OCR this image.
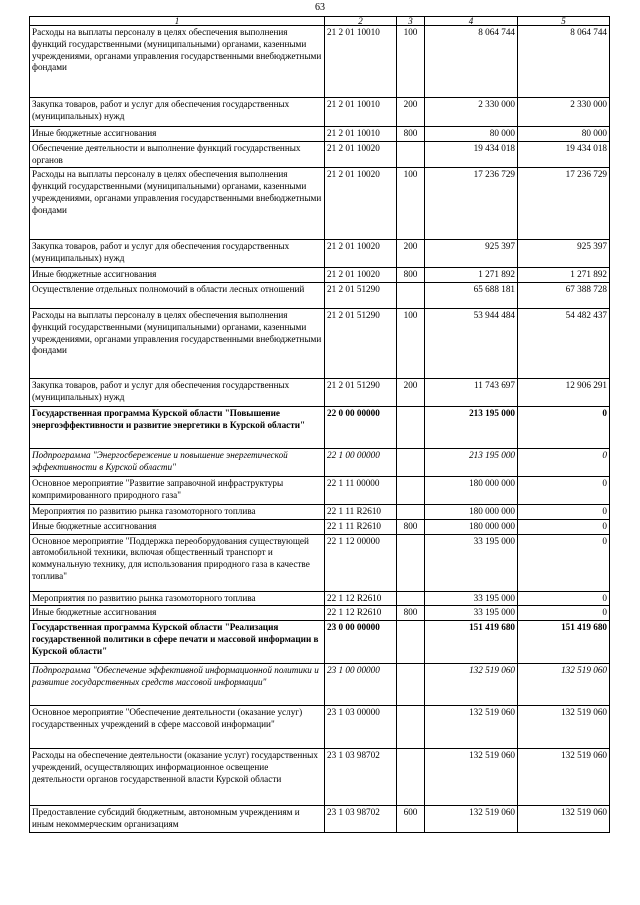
63
1	2	3	4	5
Расходы на выплаты персоналу в целях обеспечения выполнения функций государственными (муниципальными) органами, казенными учреждениями, органами управления государственными внебюджетными фондами	21 2 01 10010	100	8 064 744	8 064 744
Закупка товаров, работ и услуг для обеспечения государственных (муниципальных) нужд	21 2 01 10010	200	2 330 000	2 330 000
Иные бюджетные ассигнования	21 2 01 10010	800	80 000	80 000
Обеспечение деятельности и выполнение функций государственных органов	21 2 01 10020		19 434 018	19 434 018
Расходы на выплаты персоналу в целях обеспечения выполнения функций государственными (муниципальными) органами, казенными учреждениями, органами управления государственными внебюджетными фондами	21 2 01 10020	100	17 236 729	17 236 729
Закупка товаров, работ и услуг для обеспечения государственных (муниципальных) нужд	21 2 01 10020	200	925 397	925 397
Иные бюджетные ассигнования	21 2 01 10020	800	1 271 892	1 271 892
Осуществление отдельных полномочий в области лесных отношений	21 2 01 51290		65 688 181	67 388 728
Расходы на выплаты персоналу в целях обеспечения выполнения функций государственными (муниципальными) органами, казенными учреждениями, органами управления государственными внебюджетными фондами	21 2 01 51290	100	53 944 484	54 482 437
Закупка товаров, работ и услуг для обеспечения государственных (муниципальных) нужд	21 2 01 51290	200	11 743 697	12 906 291
Государственная программа Курской области "Повышение энергоэффективности и развитие энергетики в Курской области"	22 0 00 00000		213 195 000	0
Подпрограмма "Энергосбережение и повышение энергетической эффективности в Курской области"	22 1 00 00000		213 195 000	0
Основное мероприятие "Развитие заправочной инфраструктуры компримированного природного газа"	22 1 11 00000		180 000 000	0
Мероприятия по развитию рынка газомоторного топлива	22 1 11 R2610		180 000 000	0
Иные бюджетные ассигнования	22 1 11 R2610	800	180 000 000	0
Основное мероприятие "Поддержка переоборудования существующей автомобильной техники, включая общественный транспорт и коммунальную технику, для использования природного газа в качестве топлива"	22 1 12 00000		33 195 000	0
Мероприятия по развитию рынка газомоторного топлива	22 1 12 R2610		33 195 000	0
Иные бюджетные ассигнования	22 1 12 R2610	800	33 195 000	0
Государственная программа Курской области "Реализация государственной политики в сфере печати и массовой информации в Курской области"	23 0 00 00000		151 419 680	151 419 680
Подпрограмма "Обеспечение эффективной информационной политики и развитие государственных средств массовой информации"	23 1 00 00000		132 519 060	132 519 060
Основное мероприятие "Обеспечение деятельности (оказание услуг) государственных учреждений в сфере массовой информации"	23 1 03 00000		132 519 060	132 519 060
Расходы на обеспечение деятельности (оказание услуг) государственных учреждений, осуществляющих информационное освещение деятельности органов государственной власти Курской области	23 1 03 98702		132 519 060	132 519 060
Предоставление субсидий бюджетным, автономным учреждениям и иным некоммерческим организациям	23 1 03 98702	600	132 519 060	132 519 060
